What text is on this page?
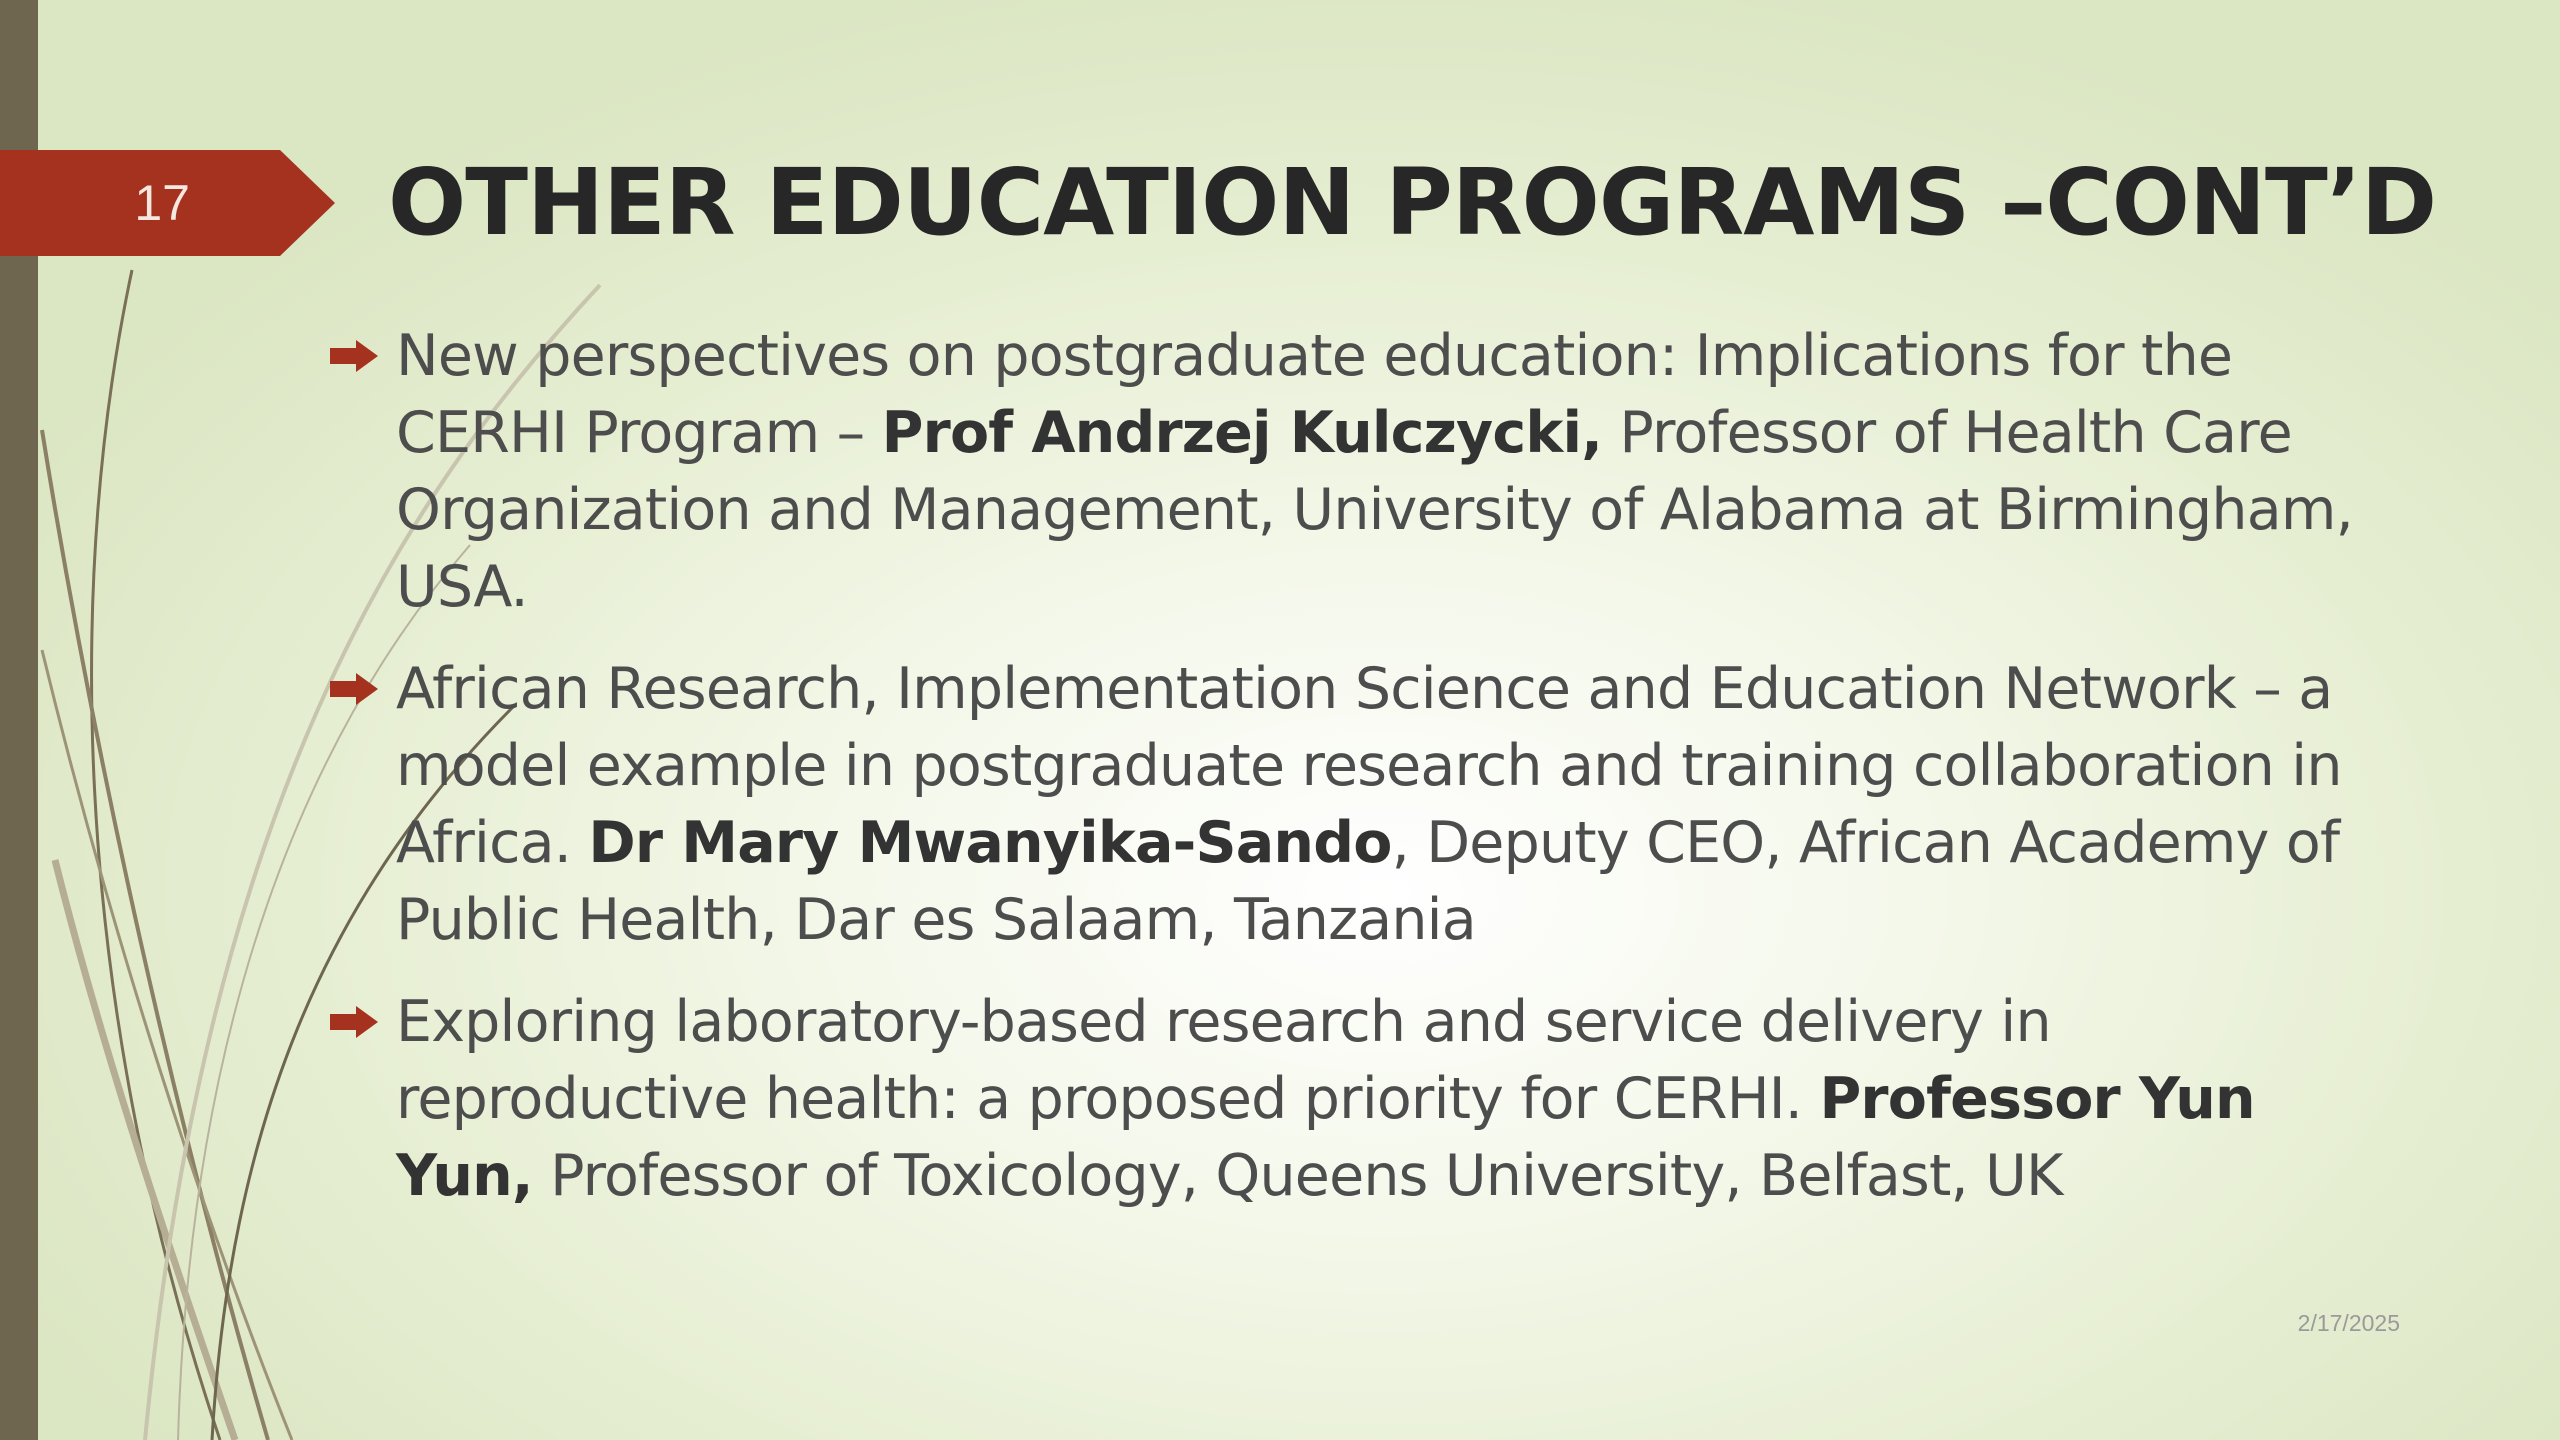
17 OTHER EDUCATION PROGRAMS –CONT’D
New perspectives on postgraduate education: Implications for the CERHI Program – Prof Andrzej Kulczycki, Professor of Health Care Organization and Management, University of Alabama at Birmingham, USA.
African Research, Implementation Science and Education Network – a model example in postgraduate research and training collaboration in Africa. Dr Mary Mwanyika-Sando, Deputy CEO, African Academy of Public Health, Dar es Salaam, Tanzania
Exploring laboratory-based research and service delivery in reproductive health: a proposed priority for CERHI. Professor Yun Yun, Professor of Toxicology, Queens University, Belfast, UK
2/17/2025
